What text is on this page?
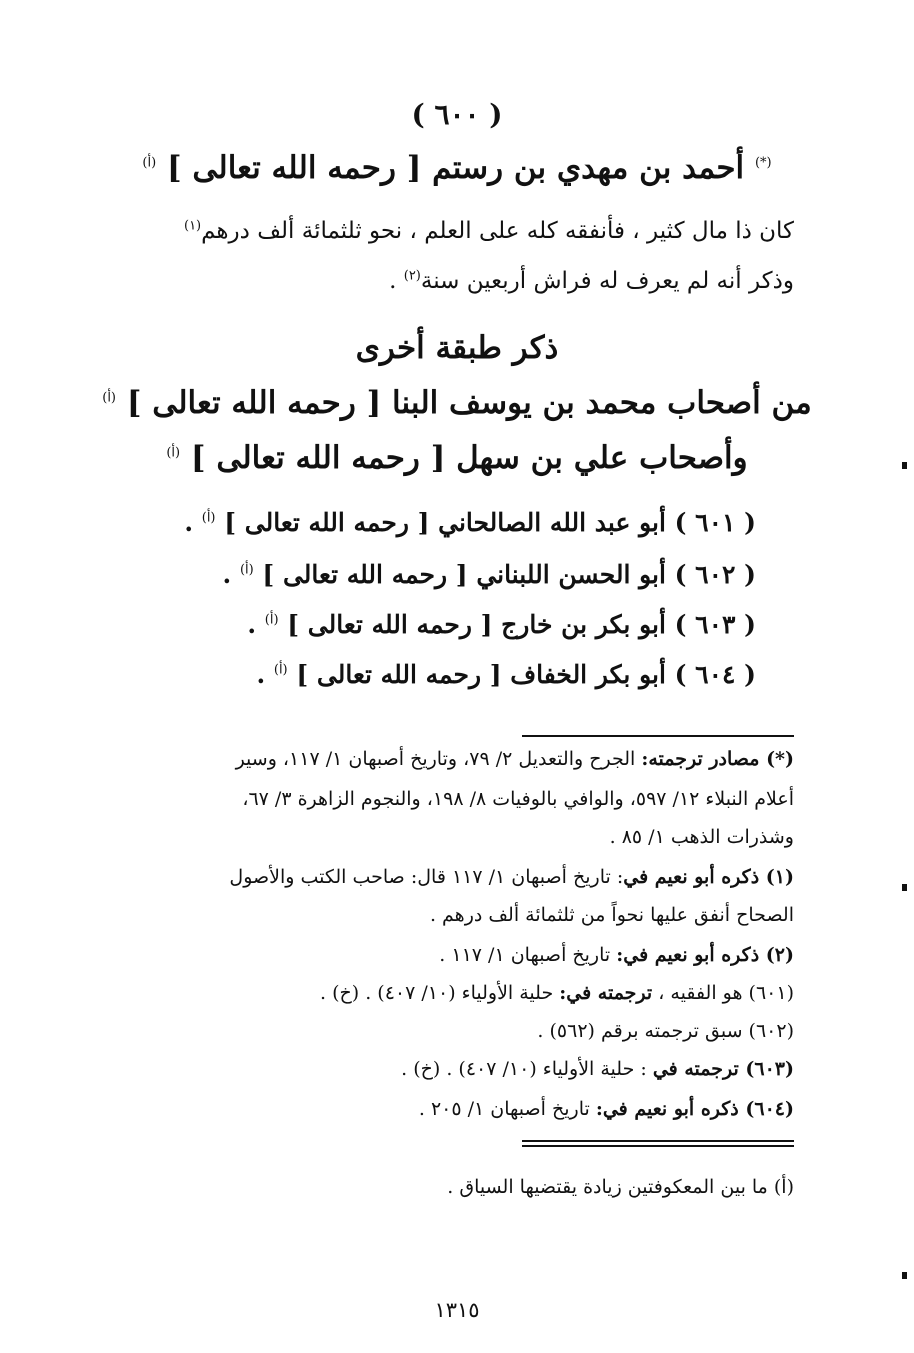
( ٦٠٠ )
(*) أحمد بن مهدي بن رستم [ رحمه الله تعالى ] $^{(أ)}$
كان ذا مال كثير ، فأنفقه كله على العلم ، نحو ثلثمائة ألف درهم$^{(١)}$
وذكر أنه لم يعرف له فراش أربعين سنة$^{(٢)}$ .
ذكر طبقة أخرى
من أصحاب محمد بن يوسف البنا [ رحمه الله تعالى ] $^{(أ)}$
وأصحاب علي بن سهل [ رحمه الله تعالى ] $^{(أ)}$
( ٦٠١ ) أبو عبد الله الصالحاني [ رحمه الله تعالى ] $^{(أ)}$ .
( ٦٠٢ ) أبو الحسن اللبناني [ رحمه الله تعالى ] $^{(أ)}$ .
( ٦٠٣ ) أبو بكر بن خارج [ رحمه الله تعالى ] $^{(أ)}$ .
( ٦٠٤ ) أبو بكر الخفاف [ رحمه الله تعالى ] $^{(أ)}$ .
(*) مصادر ترجمته: الجرح والتعديل ٢/ ٧٩، وتاريخ أصبهان ١/ ١١٧، وسير
أعلام النبلاء ١٢/ ٥٩٧، والوافي بالوفيات ٨/ ١٩٨، والنجوم الزاهرة ٣/ ٦٧،
وشذرات الذهب ١/ ٨٥ .
(١) ذكره أبو نعيم في: تاريخ أصبهان ١/ ١١٧ قال: صاحب الكتب والأصول
الصحاح أنفق عليها نحواً من ثلثمائة ألف درهم .
(٢) ذكره أبو نعيم في: تاريخ أصبهان ١/ ١١٧ .
(٦٠١) هو الفقيه ، ترجمته في: حلية الأولياء (١٠/ ٤٠٧) . (خ) .
(٦٠٢) سبق ترجمته برقم (٥٦٢) .
(٦٠٣) ترجمته في : حلية الأولياء (١٠/ ٤٠٧) . (خ) .
(٦٠٤) ذكره أبو نعيم في: تاريخ أصبهان ١/ ٢٠٥ .
(أ) ما بين المعكوفتين زيادة يقتضيها السياق .
١٣١٥
